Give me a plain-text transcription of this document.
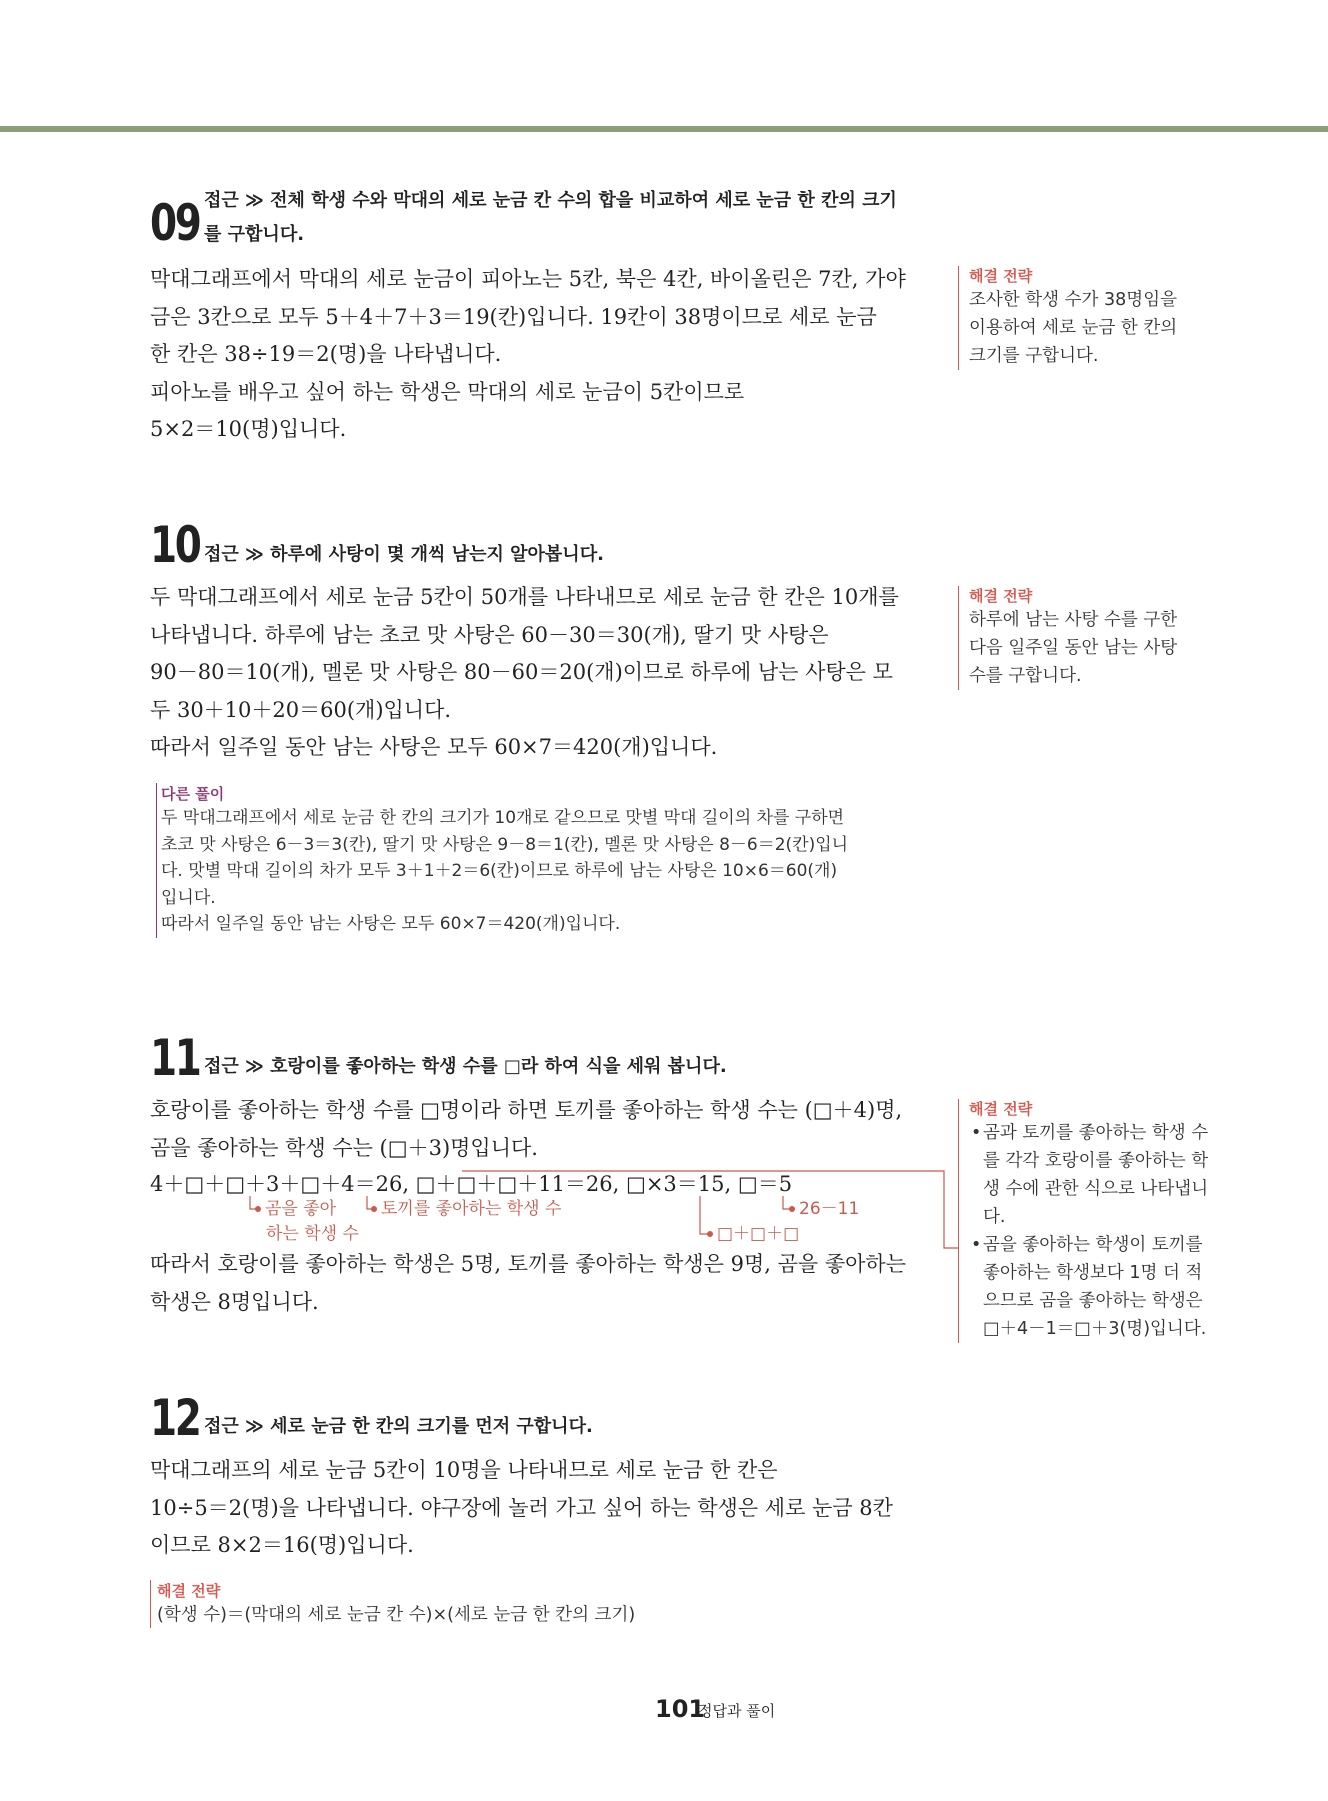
09 접근 ≫ 전체 학생 수와 막대의 세로 눈금 칸 수의 합을 비교하여 세로 눈금 한 칸의 크기
를 구합니다.
막대그래프에서 막대의 세로 눈금이 피아노는 5칸, 북은 4칸, 바이올린은 7칸, 가야
금은 3칸으로 모두 5＋4＋7＋3＝19(칸)입니다. 19칸이 38명이므로 세로 눈금
한 칸은 38÷19＝2(명)을 나타냅니다.
피아노를 배우고 싶어 하는 학생은 막대의 세로 눈금이 5칸이므로
5×2＝10(명)입니다.
해결 전략
조사한 학생 수가 38명임을
이용하여 세로 눈금 한 칸의
크기를 구합니다.
10 접근 ≫ 하루에 사탕이 몇 개씩 남는지 알아봅니다.
두 막대그래프에서 세로 눈금 5칸이 50개를 나타내므로 세로 눈금 한 칸은 10개를
나타냅니다. 하루에 남는 초코 맛 사탕은 60－30＝30(개), 딸기 맛 사탕은
90－80＝10(개), 멜론 맛 사탕은 80－60＝20(개)이므로 하루에 남는 사탕은 모
두 30＋10＋20＝60(개)입니다.
따라서 일주일 동안 남는 사탕은 모두 60×7＝420(개)입니다.
해결 전략
하루에 남는 사탕 수를 구한
다음 일주일 동안 남는 사탕
수를 구합니다.
다른 풀이
두 막대그래프에서 세로 눈금 한 칸의 크기가 10개로 같으므로 맛별 막대 길이의 차를 구하면
초코 맛 사탕은 6－3＝3(칸), 딸기 맛 사탕은 9－8＝1(칸), 멜론 맛 사탕은 8－6＝2(칸)입니
다. 맛별 막대 길이의 차가 모두 3＋1＋2＝6(칸)이므로 하루에 남는 사탕은 10×6＝60(개)
입니다.
따라서 일주일 동안 남는 사탕은 모두 60×7＝420(개)입니다.
11 접근 ≫ 호랑이를 좋아하는 학생 수를 □라 하여 식을 세워 봅니다.
호랑이를 좋아하는 학생 수를 □명이라 하면 토끼를 좋아하는 학생 수는 (□＋4)명,
곰을 좋아하는 학생 수는 (□＋3)명입니다.
4＋□＋□＋3＋□＋4＝26, □＋□＋□＋11＝26, □×3＝15, □＝5
곰을 좋아
하는 학생 수
토끼를 좋아하는 학생 수	26－11
□＋□＋□
따라서 호랑이를 좋아하는 학생은 5명, 토끼를 좋아하는 학생은 9명, 곰을 좋아하는
학생은 8명입니다.
해결 전략
• 곰과 토끼를 좋아하는 학생 수를 각각 호랑이를 좋아하는 학생 수에 관한 식으로 나타냅니다.
• 곰을 좋아하는 학생이 토끼를 좋아하는 학생보다 1명 더 적으므로 곰을 좋아하는 학생은 □＋4－1＝□＋3(명)입니다.
12 접근 ≫ 세로 눈금 한 칸의 크기를 먼저 구합니다.
막대그래프의 세로 눈금 5칸이 10명을 나타내므로 세로 눈금 한 칸은
10÷5＝2(명)을 나타냅니다. 야구장에 놀러 가고 싶어 하는 학생은 세로 눈금 8칸
이므로 8×2＝16(명)입니다.
해결 전략
(학생 수)＝(막대의 세로 눈금 칸 수)×(세로 눈금 한 칸의 크기)
101
정답과 풀이
